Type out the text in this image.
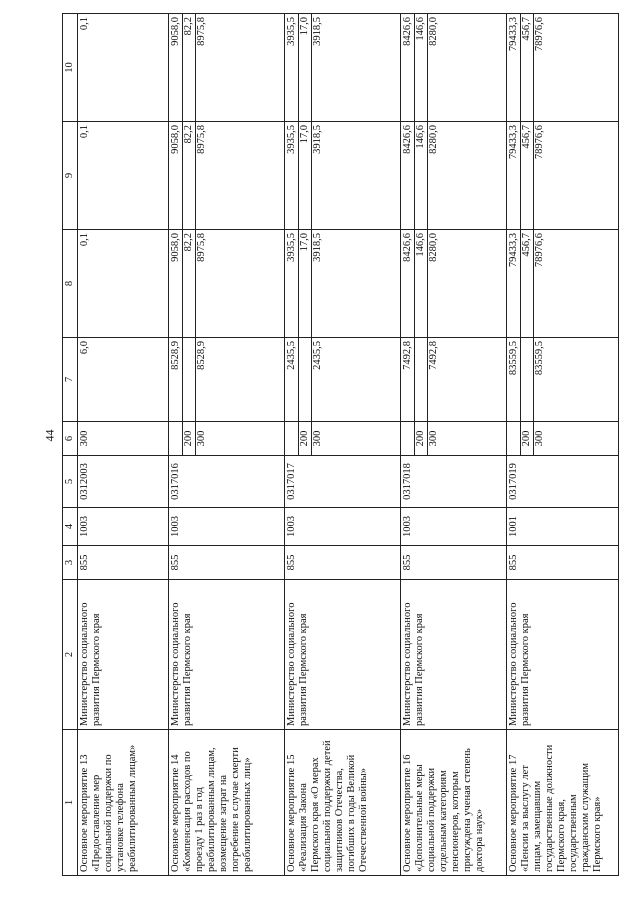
44
1	2	3	4	5	6	7	8	9	10
Основное мероприятие 13 «Предоставление мер социальной поддержки по установке телефона реабилитированным лицам»	Министерство социального развития Пермского края	855	1003	0312003	300	6,0	0,1	0,1	0,1

Основное мероприятие 14 «Компенсация расходов по проезду 1 раз в год реабилитированным лицам, возмещение затрат на погребение в случае смерти реабилитированных лиц»	Министерство социального развития Пермского края	855	1003	0317016	200 300	8528,9 8528,9	9058,0 82,2 8975,8	9058,0 82,2 8975,8	9058,0 82,2 8975,8

Основное мероприятие 15 «Реализация Закона Пермского края «О мерах социальной поддержки детей защитников Отечества, погибших в годы Великой Отечественной войны»	Министерство социального развития Пермского края	855	1003	0317017	200 300	2435,5 2435,5	3935,5 17,0 3918,5	3935,5 17,0 3918,5	3935,5 17,0 3918,5

Основное мероприятие 16 «Дополнительные меры социальной поддержки отдельным категориям пенсионеров, которым присуждена ученая степень доктора наук»	Министерство социального развития Пермского края	855	1003	0317018	200 300	7492,8 7492,8	8426,6 146,6 8280,0	8426,6 146,6 8280,0	8426,6 146,6 8280,0

Основное мероприятие 17 «Пенсии за выслугу лет лицам, замещавшим государственные должности Пермского края, государственным гражданским служащим Пермского края»	Министерство социального развития Пермского края	855	1001	0317019	200 300	83559,5 83559,5	79433,3 456,7 78976,6	79433,3 456,7 78976,6	79433,3 456,7 78976,6
